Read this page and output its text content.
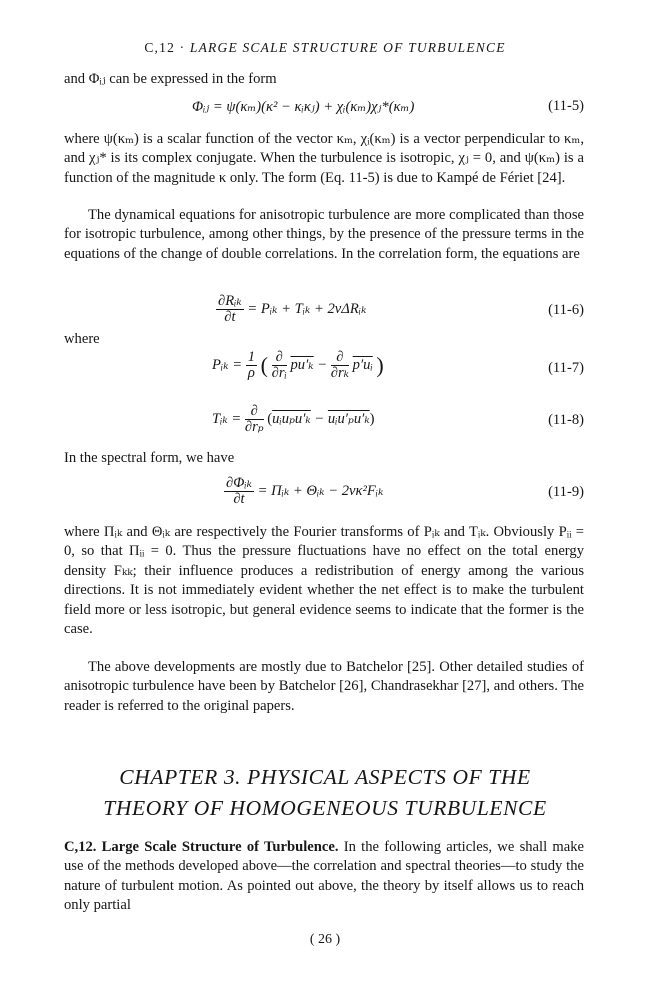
C,12 · LARGE SCALE STRUCTURE OF TURBULENCE
and Φᵢⱼ can be expressed in the form
Φᵢⱼ = ψ(κₘ)(κ² − κᵢκⱼ) + χᵢ(κₘ)χⱼ*(κₘ)	(11-5)

where ψ(κₘ) is a scalar function of the vector κₘ, χᵢ(κₘ) is a vector perpendicular to κₘ, and χⱼ* is its complex conjugate. When the turbulence is isotropic, χⱼ = 0, and ψ(κₘ) is a function of the magnitude κ only. The form (Eq. 11-5) is due to Kampé de Fériet [24].

The dynamical equations for anisotropic turbulence are more complicated than those for isotropic turbulence, among other things, by the presence of the pressure terms in the equations of the change of double correlations. In the correlation form, the equations are

$\frac{\text{∂Rᵢₖ}}{\partial t}$ = Pᵢₖ + Tᵢₖ + 2νΔRᵢₖ	(11-6)
where
Pᵢₖ = $\frac{1}{\rho}$ ( $\frac{\partial}{\text{∂rᵢ}} pu'_k - \frac{\partial}{\text{∂rₖ}}$ p′uᵢ )	(11-7)
Tᵢₖ = $\frac{\partial}{\text{∂rₚ}}$ (uᵢuₚu′ₖ − uᵢu′ₚu′ₖ)	(11-8)
In the spectral form, we have
$\frac{\text{∂Φᵢₖ}}{\partial t}$ = Πᵢₖ + Θᵢₖ − 2νκ²Fᵢₖ	(11-9)

where Πᵢₖ and Θᵢₖ are respectively the Fourier transforms of Pᵢₖ and Tᵢₖ. Obviously Pᵢᵢ = 0, so that Πᵢᵢ = 0. Thus the pressure fluctuations have no effect on the total energy density Fₖₖ; their influence produces a redistribution of energy among the various directions. It is not immediately evident whether the net effect is to make the turbulent field more or less isotropic, but general evidence seems to indicate that the former is the case.

The above developments are mostly due to Batchelor [25]. Other detailed studies of anisotropic turbulence have been by Batchelor [26], Chandrasekhar [27], and others. The reader is referred to the original papers.

CHAPTER 3. PHYSICAL ASPECTS OF THE
THEORY OF HOMOGENEOUS TURBULENCE

C,12. Large Scale Structure of Turbulence. In the following articles, we shall make use of the methods developed above—the correlation and spectral theories—to study the nature of turbulent motion. As pointed out above, the theory by itself allows us to reach only partial

( 26 )
